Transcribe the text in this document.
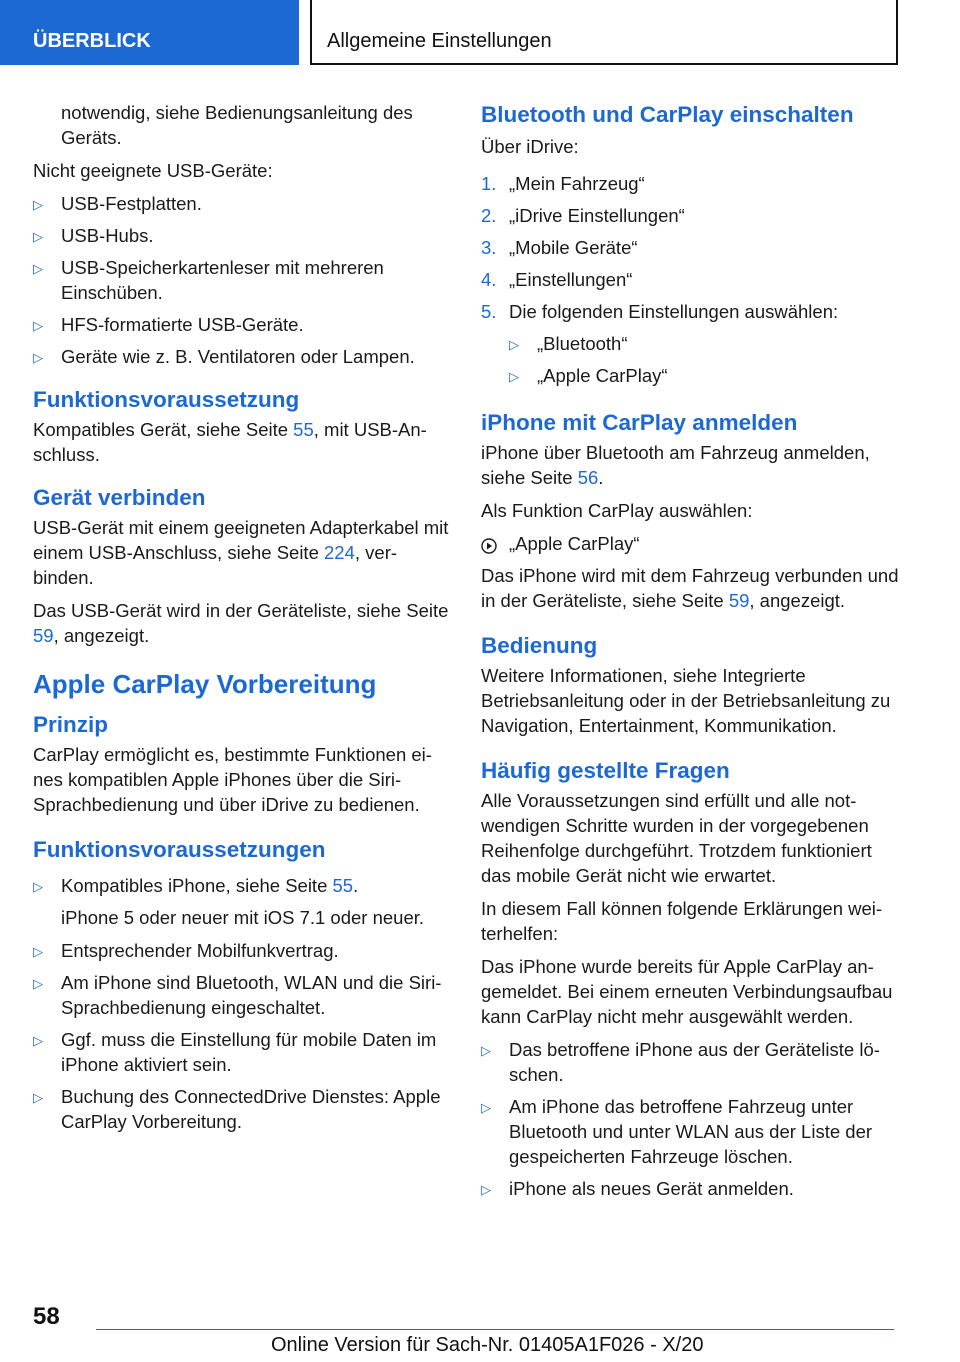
ÜBERBLICK	Allgemeine Einstellungen

notwendig, siehe Bedienungsanleitung des Geräts.

Nicht geeignete USB-Geräte:

▷ USB-Festplatten.
▷ USB-Hubs.
▷ USB-Speicherkartenleser mit mehreren Einschüben.
▷ HFS-formatierte USB-Geräte.
▷ Geräte wie z. B. Ventilatoren oder Lampen.
Funktionsvoraussetzung

Kompatibles Gerät, siehe Seite 55, mit USB-Anschluss.

Gerät verbinden

USB-Gerät mit einem geeigneten Adapterkabel mit einem USB-Anschluss, siehe Seite 224, verbinden.

Das USB-Gerät wird in der Geräteliste, siehe Seite 59, angezeigt.

Apple CarPlay Vorbereitung
Prinzip

CarPlay ermöglicht es, bestimmte Funktionen eines kompatiblen Apple iPhones über die Siri-Sprachbedienung und über iDrive zu bedienen.

Funktionsvoraussetzungen
▷ Kompatibles iPhone, siehe Seite 55.

iPhone 5 oder neuer mit iOS 7.1 oder neuer.

▷ Entsprechender Mobilfunkvertrag.
▷ Am iPhone sind Bluetooth, WLAN und die Siri-Sprachbedienung eingeschaltet.
▷ Ggf. muss die Einstellung für mobile Daten im iPhone aktiviert sein.
▷ Buchung des ConnectedDrive Dienstes: Apple CarPlay Vorbereitung.
Bluetooth und CarPlay einschalten

Über iDrive:

1. „Mein Fahrzeug“
2. „iDrive Einstellungen“
3. „Mobile Geräte“
4. „Einstellungen“
5. Die folgenden Einstellungen auswählen:
▷ „Bluetooth“
▷ „Apple CarPlay“
iPhone mit CarPlay anmelden

iPhone über Bluetooth am Fahrzeug anmelden, siehe Seite 56.

Als Funktion CarPlay auswählen:

„Apple CarPlay“

Das iPhone wird mit dem Fahrzeug verbunden und in der Geräteliste, siehe Seite 59, angezeigt.

Bedienung

Weitere Informationen, siehe Integrierte Betriebsanleitung oder in der Betriebsanleitung zu Navigation, Entertainment, Kommunikation.

Häufig gestellte Fragen

Alle Voraussetzungen sind erfüllt und alle notwendigen Schritte wurden in der vorgegebenen Reihenfolge durchgeführt. Trotzdem funktioniert das mobile Gerät nicht wie erwartet.

In diesem Fall können folgende Erklärungen weiterhelfen:

Das iPhone wurde bereits für Apple CarPlay angemeldet. Bei einem erneuten Verbindungsaufbau kann CarPlay nicht mehr ausgewählt werden.

▷ Das betroffene iPhone aus der Geräteliste löschen.
▷ Am iPhone das betroffene Fahrzeug unter Bluetooth und unter WLAN aus der Liste der gespeicherten Fahrzeuge löschen.
▷ iPhone als neues Gerät anmelden.
58
Online Version für Sach-Nr. 01405A1F026 - X/20
